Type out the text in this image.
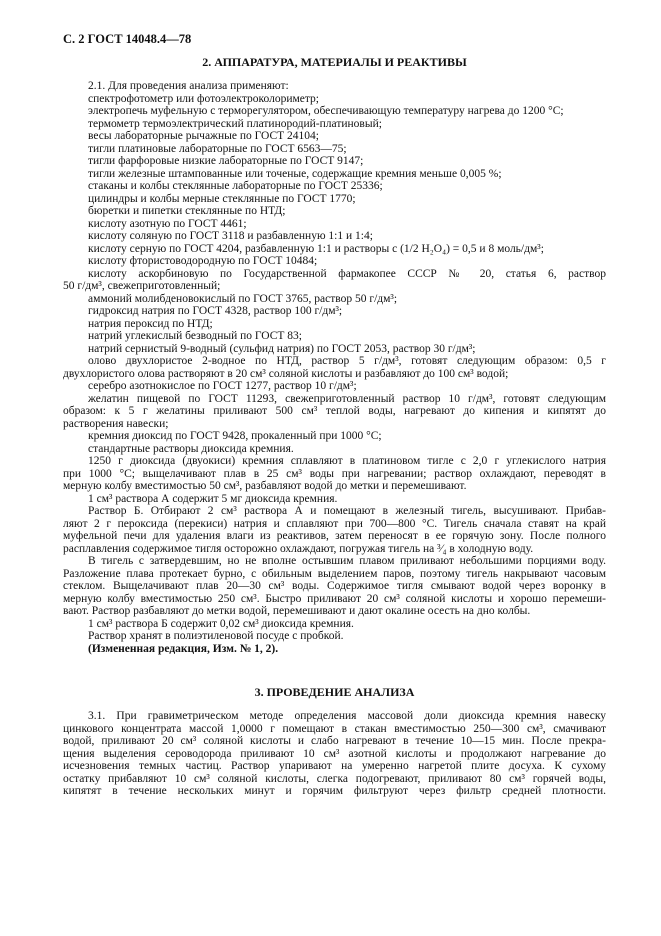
С. 2 ГОСТ 14048.4—78
2. АППАРАТУРА, МАТЕРИАЛЫ И РЕАКТИВЫ
2.1. Для проведения анализа применяют:
спектрофотометр или фотоэлектроколориметр;
электропечь муфельную с терморегулятором, обеспечивающую температуру нагрева до 1200 °С;
термометр термоэлектрический платинородий-платиновый;
весы лабораторные рычажные по ГОСТ 24104;
тигли платиновые лабораторные по ГОСТ 6563—75;
тигли фарфоровые низкие лабораторные по ГОСТ 9147;
тигли железные штампованные или точеные, содержащие кремния меньше 0,005 %;
стаканы и колбы стеклянные лабораторные по ГОСТ 25336;
цилиндры и колбы мерные стеклянные по ГОСТ 1770;
бюретки и пипетки стеклянные по НТД;
кислоту азотную по ГОСТ 4461;
кислоту соляную по ГОСТ 3118 и разбавленную 1:1 и 1:4;
кислоту серную по ГОСТ 4204, разбавленную 1:1 и растворы c (1/2 H₂O₄) = 0,5 и 8 моль/дм³;
кислоту фтористоводородную по ГОСТ 10484;
кислоту аскорбиновую по Государственной фармакопее СССР № 20, статья 6, раствор
50 г/дм³, свежеприготовленный;
аммоний молибденовокислый по ГОСТ 3765, раствор 50 г/дм³;
гидроксид натрия по ГОСТ 4328, раствор 100 г/дм³;
натрия пероксид по НТД;
натрий углекислый безводный по ГОСТ 83;
натрий сернистый 9-водный (сульфид натрия) по ГОСТ 2053, раствор 30 г/дм³;
олово двухлористое 2-водное по НТД, раствор 5 г/дм³, готовят следующим образом: 0,5 г
двухлористого олова растворяют в 20 см³ соляной кислоты и разбавляют до 100 см³ водой;
серебро азотнокислое по ГОСТ 1277, раствор 10 г/дм³;
желатин пищевой по ГОСТ 11293, свежеприготовленный раствор 10 г/дм³, готовят следующим
образом: к 5 г желатины приливают 500 см³ теплой воды, нагревают до кипения и кипятят до
растворения навески;
кремния диоксид по ГОСТ 9428, прокаленный при 1000 °С;
стандартные растворы диоксида кремния.
1250 г диоксида (двуокиси) кремния сплавляют в платиновом тигле с 2,0 г углекислого натрия
при 1000 °С; выщелачивают плав в 25 см³ воды при нагревании; раствор охлаждают, переводят в
мерную колбу вместимостью 50 см³, разбавляют водой до метки и перемешивают.
1 см³ раствора А содержит 5 мг диоксида кремния.
Раствор Б. Отбирают 2 см³ раствора А и помещают в железный тигель, высушивают. Прибав-
ляют 2 г пероксида (перекиси) натрия и сплавляют при 700—800 °С. Тигель сначала ставят на край
муфельной печи для удаления влаги из реактивов, затем переносят в ее горячую зону. После полного
расплавления содержимое тигля осторожно охлаждают, погружая тигель на ³⁄₄ в холодную воду.
В тигель с затвердевшим, но не вполне остывшим плавом приливают небольшими порциями воду.
Разложение плава протекает бурно, с обильным выделением паров, поэтому тигель накрывают часовым
стеклом. Выщелачивают плав 20—30 см³ воды. Содержимое тигля смывают водой через воронку в
мерную колбу вместимостью 250 см³. Быстро приливают 20 см³ соляной кислоты и хорошо перемеши-
вают. Раствор разбавляют до метки водой, перемешивают и дают окалине осесть на дно колбы.
1 см³ раствора Б содержит 0,02 см³ диоксида кремния.
Раствор хранят в полиэтиленовой посуде с пробкой.
(Измененная редакция, Изм. № 1, 2).
3. ПРОВЕДЕНИЕ АНАЛИЗА
3.1. При гравиметрическом методе определения массовой доли диоксида кремния навеску
цинкового концентрата массой 1,0000 г помещают в стакан вместимостью 250—300 см³, смачивают
водой, приливают 20 см³ соляной кислоты и слабо нагревают в течение 10—15 мин. После прекра-
щения выделения сероводорода приливают 10 см³ азотной кислоты и продолжают нагревание до
исчезновения темных частиц. Раствор упаривают на умеренно нагретой плите досуха. К сухому
остатку прибавляют 10 см³ соляной кислоты, слегка подогревают, приливают 80 см³ горячей воды,
кипятят в течение нескольких минут и горячим фильтруют через фильтр средней плотности.
